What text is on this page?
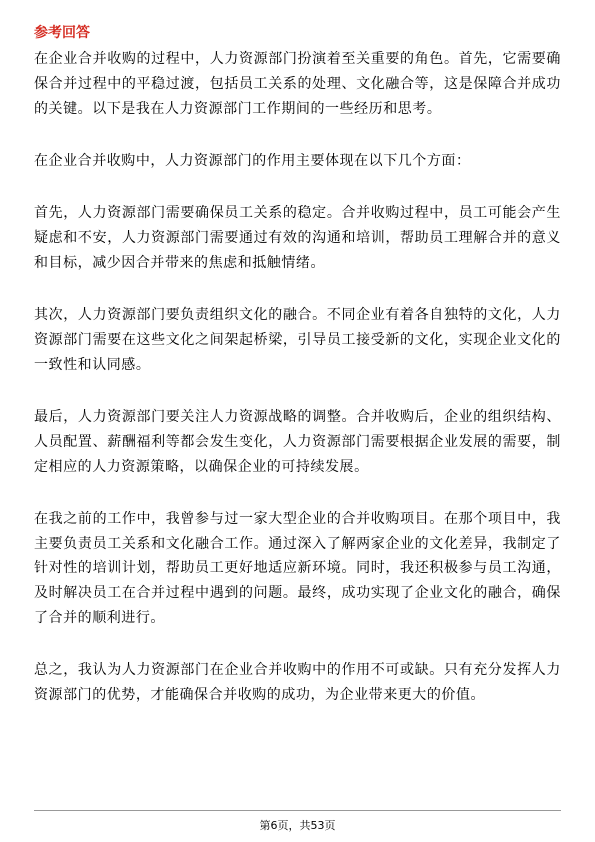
参考回答

在企业合并收购的过程中，人力资源部门扮演着至关重要的角色。首先，它需要确保合并过程中的平稳过渡，包括员工关系的处理、文化融合等，这是保障合并成功的关键。以下是我在人力资源部门工作期间的一些经历和思考。

在企业合并收购中，人力资源部门的作用主要体现在以下几个方面：

首先，人力资源部门需要确保员工关系的稳定。合并收购过程中，员工可能会产生疑虑和不安，人力资源部门需要通过有效的沟通和培训，帮助员工理解合并的意义和目标，减少因合并带来的焦虑和抵触情绪。

其次，人力资源部门要负责组织文化的融合。不同企业有着各自独特的文化，人力资源部门需要在这些文化之间架起桥梁，引导员工接受新的文化，实现企业文化的一致性和认同感。

最后，人力资源部门要关注人力资源战略的调整。合并收购后，企业的组织结构、人员配置、薪酬福利等都会发生变化，人力资源部门需要根据企业发展的需要，制定相应的人力资源策略，以确保企业的可持续发展。

在我之前的工作中，我曾参与过一家大型企业的合并收购项目。在那个项目中，我主要负责员工关系和文化融合工作。通过深入了解两家企业的文化差异，我制定了针对性的培训计划，帮助员工更好地适应新环境。同时，我还积极参与员工沟通，及时解决员工在合并过程中遇到的问题。最终，成功实现了企业文化的融合，确保了合并的顺利进行。

总之，我认为人力资源部门在企业合并收购中的作用不可或缺。只有充分发挥人力资源部门的优势，才能确保合并收购的成功，为企业带来更大的价值。

第6页，共53页
